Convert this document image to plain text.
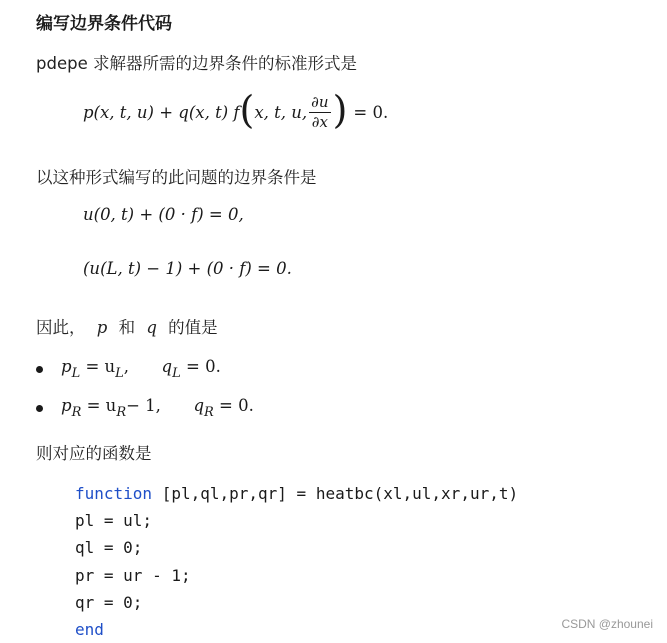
编写边界条件代码
pdepe 求解器所需的边界条件的标准形式是
p(x, t, u) + q(x, t) f ( x, t, u, $\frac{\partial u}{\partial x}$ ) = 0.
以这种形式编写的此问题的边界条件是
u(0, t) + (0 · f) = 0,
(u(L, t) − 1) + (0 · f) = 0.
因此， p 和 q 的值是
$p_L = u_L$, $q_L = 0$.
$p_R = u_R- 1$, $q_R = 0$.
则对应的函数是
function [pl,ql,pr,qr] = heatbc(xl,ul,xr,ur,t)
pl = ul;
ql = 0;
pr = ur - 1;
qr = 0;
end	CSDN @zhounei
